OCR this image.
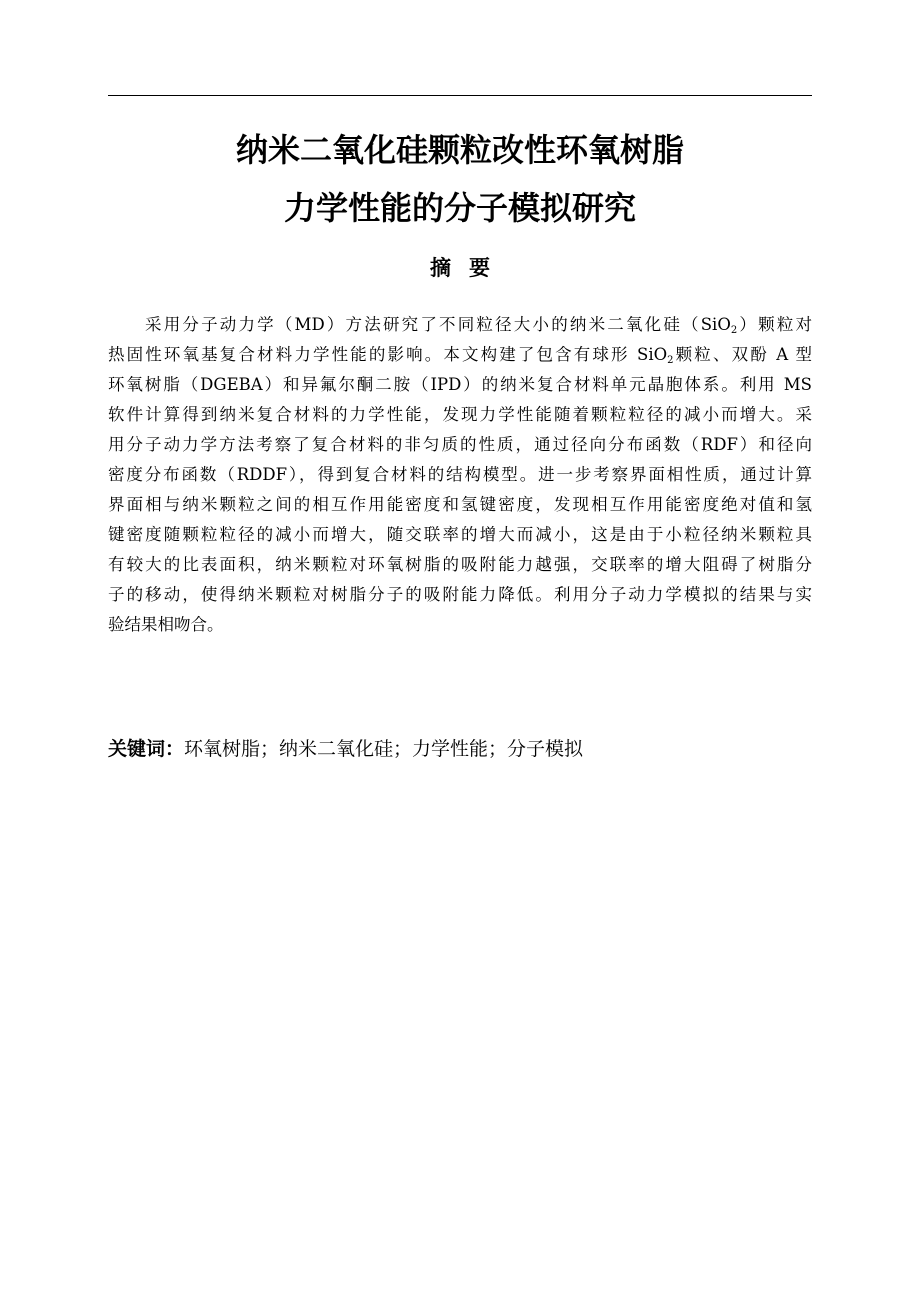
纳米二氧化硅颗粒改性环氧树脂
力学性能的分子模拟研究
摘要
采用分子动力学（MD）方法研究了不同粒径大小的纳米二氧化硅（SiO$_2$）颗粒对
热固性环氧基复合材料力学性能的影响。本文构建了包含有球形 SiO$_2$颗粒、双酚 A 型
环氧树脂（DGEBA）和异氟尔酮二胺（IPD）的纳米复合材料单元晶胞体系。利用 MS
软件计算得到纳米复合材料的力学性能，发现力学性能随着颗粒粒径的减小而增大。采
用分子动力学方法考察了复合材料的非匀质的性质，通过径向分布函数（RDF）和径向
密度分布函数（RDDF），得到复合材料的结构模型。进一步考察界面相性质，通过计算
界面相与纳米颗粒之间的相互作用能密度和氢键密度，发现相互作用能密度绝对值和氢
键密度随颗粒粒径的减小而增大，随交联率的增大而减小，这是由于小粒径纳米颗粒具
有较大的比表面积，纳米颗粒对环氧树脂的吸附能力越强，交联率的增大阻碍了树脂分
子的移动，使得纳米颗粒对树脂分子的吸附能力降低。利用分子动力学模拟的结果与实
验结果相吻合。
关键词：环氧树脂；纳米二氧化硅；力学性能；分子模拟
